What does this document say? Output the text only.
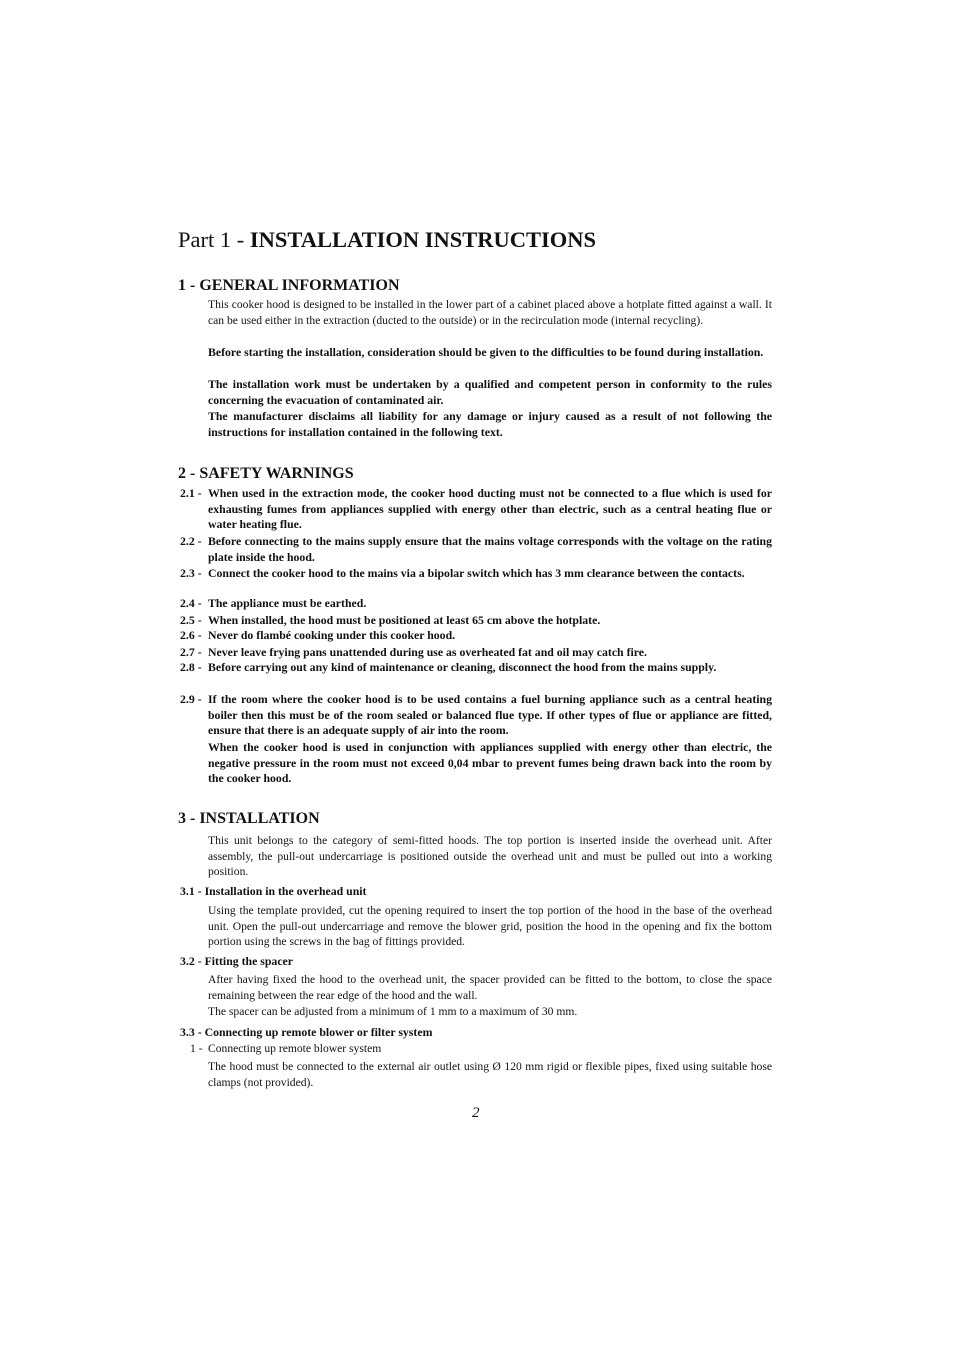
Part 1 - INSTALLATION INSTRUCTIONS
1 - GENERAL INFORMATION
This cooker hood is designed to be installed in the lower part of a cabinet placed above a hotplate fitted against a wall. It can be used either in the extraction (ducted to the outside) or in the recirculation mode (internal recycling).
Before starting the installation, consideration should be given to the difficulties to be found during installation.
The installation work must be undertaken by a qualified and competent person in conformity to the rules concerning the evacuation of contaminated air.
The manufacturer disclaims all liability for any damage or injury caused as a result of not following the instructions for installation contained in the following text.
2 - SAFETY WARNINGS
2.1 - When used in the extraction mode, the cooker hood ducting must not be connected to a flue which is used for exhausting fumes from appliances supplied with energy other than electric, such as a central heating flue or water heating flue.
2.2 - Before connecting to the mains supply ensure that the mains voltage corresponds with the voltage on the rating plate inside the hood.
2.3 - Connect the cooker hood to the mains via a bipolar switch which has 3 mm clearance between the contacts.
2.4 - The appliance must be earthed.
2.5 - When installed, the hood must be positioned at least 65 cm above the hotplate.
2.6 - Never do flambé cooking under this cooker hood.
2.7 - Never leave frying pans unattended during use as overheated fat and oil may catch fire.
2.8 - Before carrying out any kind of maintenance or cleaning, disconnect the hood from the mains supply.
2.9 - If the room where the cooker hood is to be used contains a fuel burning appliance such as a central heating boiler then this must be of the room sealed or balanced flue type. If other types of flue or appliance are fitted, ensure that there is an adequate supply of air into the room.
When the cooker hood is used in conjunction with appliances supplied with energy other than electric, the negative pressure in the room must not exceed 0,04 mbar to prevent fumes being drawn back into the room by the cooker hood.
3 - INSTALLATION
This unit belongs to the category of semi-fitted hoods. The top portion is inserted inside the overhead unit. After assembly, the pull-out undercarriage is positioned outside the overhead unit and must be pulled out into a working position.
3.1 - Installation in the overhead unit
Using the template provided, cut the opening required to insert the top portion of the hood in the base of the overhead unit. Open the pull-out undercarriage and remove the blower grid, position the hood in the opening and fix the bottom portion using the screws in the bag of fittings provided.
3.2 - Fitting the spacer
After having fixed the hood to the overhead unit, the spacer provided can be fitted to the bottom, to close the space remaining between the rear edge of the hood and the wall.
The spacer can be adjusted from a minimum of 1 mm to a maximum of 30 mm.
3.3 - Connecting up remote blower or filter system
1 - Connecting up remote blower system
The hood must be connected to the external air outlet using Ø 120 mm rigid or flexible pipes, fixed using suitable hose clamps (not provided).
2
